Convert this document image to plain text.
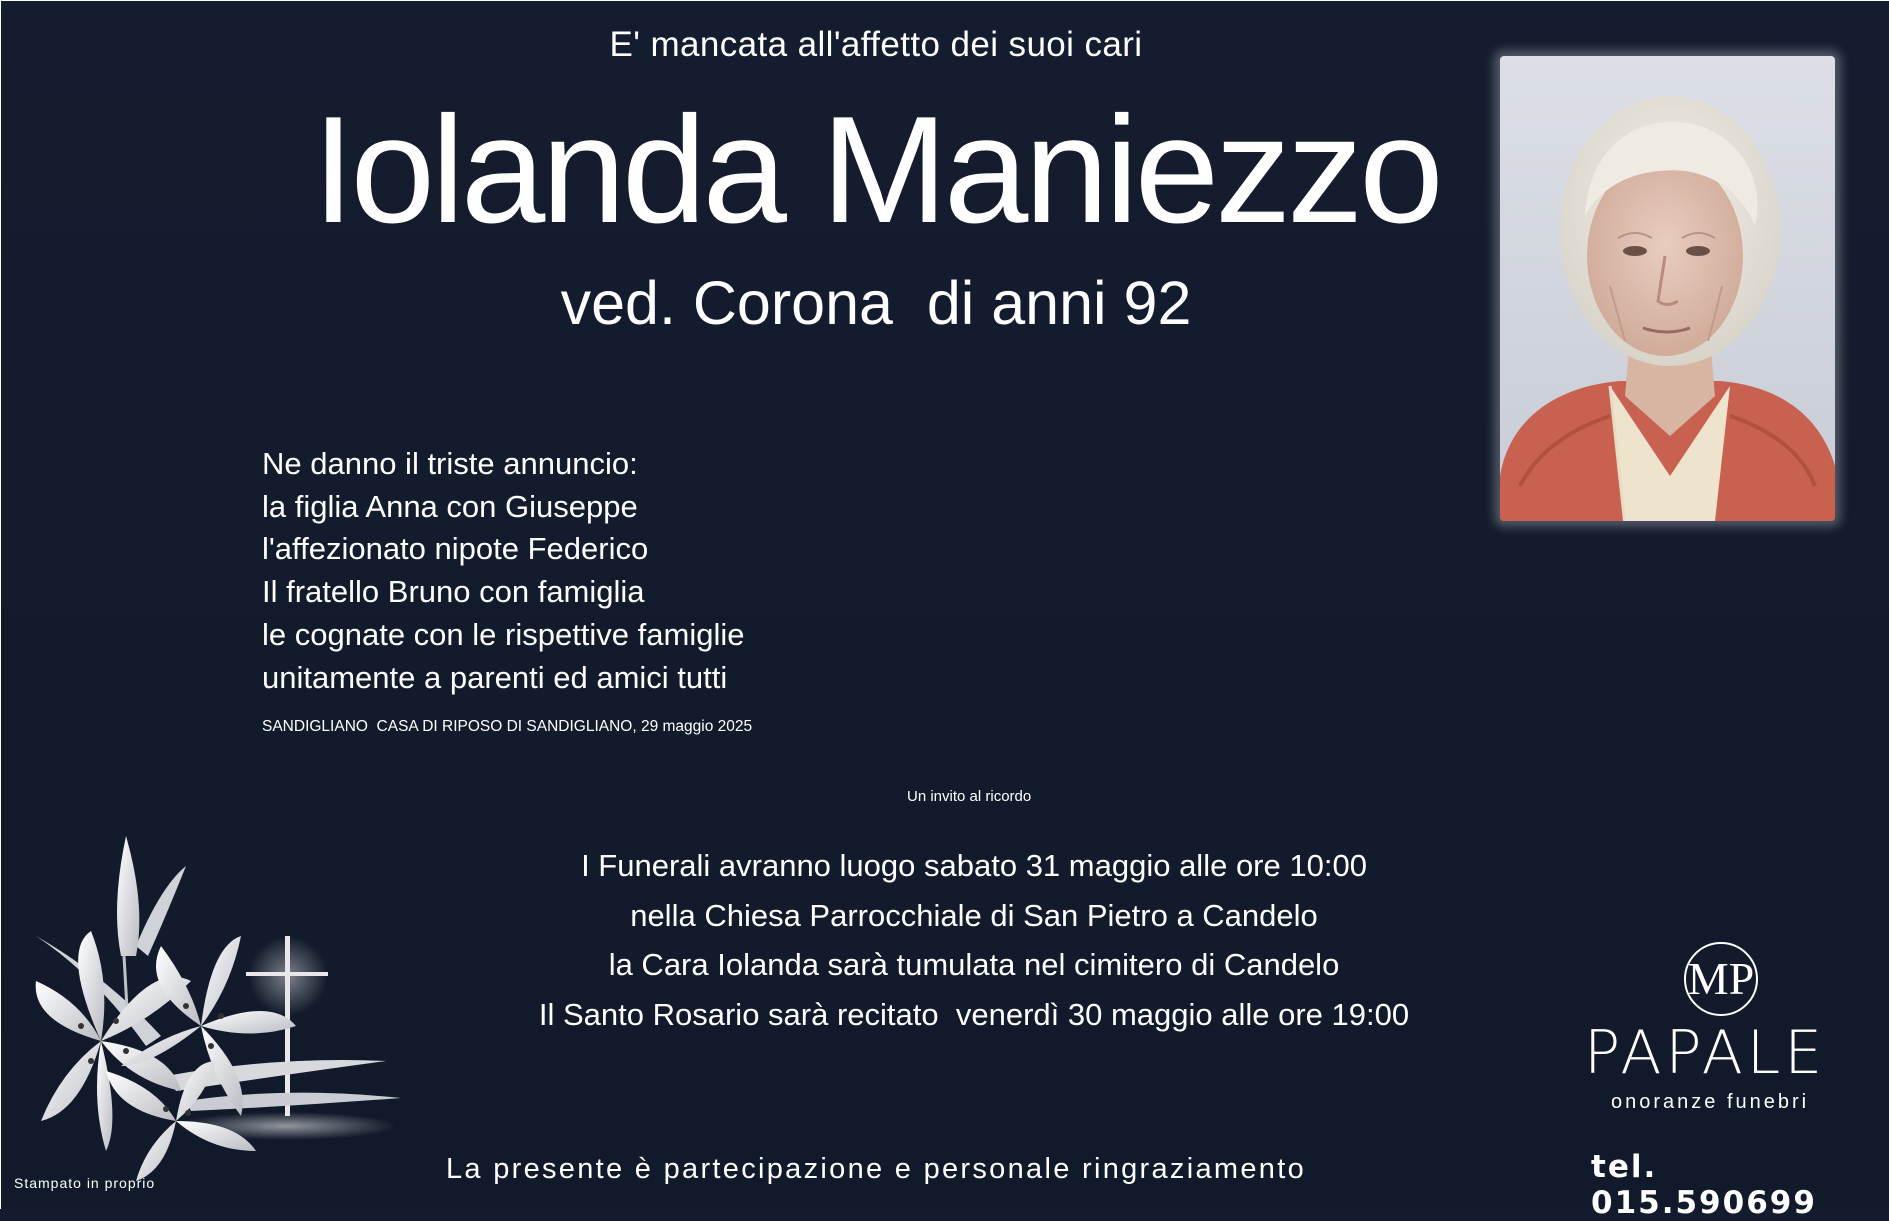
E' mancata all'affetto dei suoi cari
Iolanda Maniezzo
ved. Corona  di anni 92
Ne danno il triste annuncio:
la figlia Anna con Giuseppe
l'affezionato nipote Federico
Il fratello Bruno con famiglia
le cognate con le rispettive famiglie
unitamente a parenti ed amici tutti
SANDIGLIANO  CASA DI RIPOSO DI SANDIGLIANO, 29 maggio 2025
Un invito al ricordo
I Funerali avranno luogo sabato 31 maggio alle ore 10:00
nella Chiesa Parrocchiale di San Pietro a Candelo
la Cara Iolanda sarà tumulata nel cimitero di Candelo
Il Santo Rosario sarà recitato  venerdì 30 maggio alle ore 19:00
La presente è partecipazione e personale ringraziamento
Stampato in proprio
MP
PAPALE
onoranze funebri
tel. 015.590699
